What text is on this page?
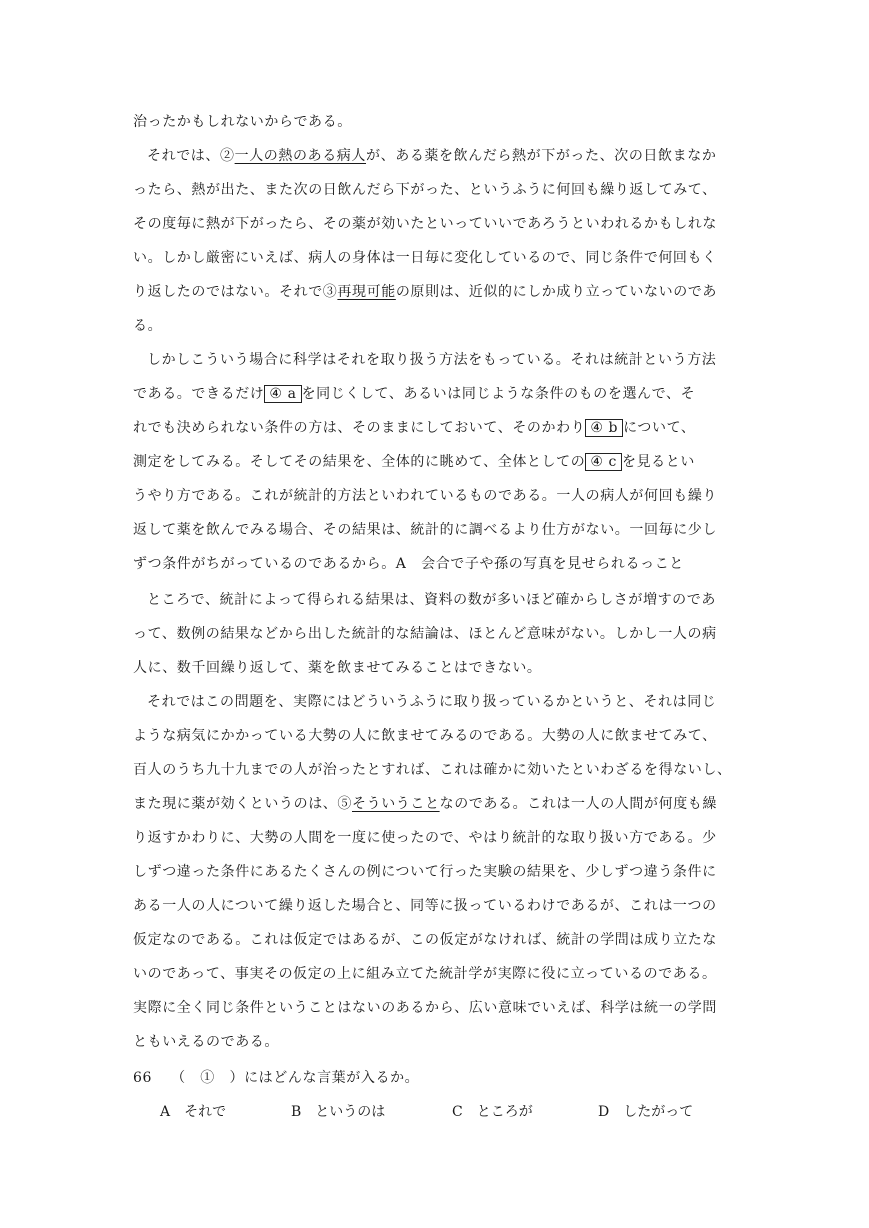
治ったかもしれないからである。
それでは、②一人の熱のある病人が、ある薬を飲んだら熱が下がった、次の日飲まなか
ったら、熱が出た、また次の日飲んだら下がった、というふうに何回も繰り返してみて、
その度毎に熱が下がったら、その薬が効いたといっていいであろうといわれるかもしれな
い。しかし厳密にいえば、病人の身体は一日毎に変化しているので、同じ条件で何回もく
り返したのではない。それで③再現可能の原則は、近似的にしか成り立っていないのであ
る。
しかしこういう場合に科学はそれを取り扱う方法をもっている。それは統計という方法
である。できるだけ ④ a を同じくして、あるいは同じような条件のものを選んで、そ
れでも決められない条件の方は、そのままにしておいて、そのかわり ④ b について、
測定をしてみる。そしてその結果を、全体的に眺めて、全体としての ④ c を見るとい
うやり方である。これが統計的方法といわれているものである。一人の病人が何回も繰り
返して薬を飲んでみる場合、その結果は、統計的に調べるより仕方がない。一回毎に少し
ずつ条件がちがっているのであるから。A　会合で子や孫の写真を見せられるっこと
ところで、統計によって得られる結果は、資料の数が多いほど確からしさが増すのであ
って、数例の結果などから出した統計的な結論は、ほとんど意味がない。しかし一人の病
人に、数千回繰り返して、薬を飲ませてみることはできない。
それではこの問題を、実際にはどういうふうに取り扱っているかというと、それは同じ
ような病気にかかっている大勢の人に飲ませてみるのである。大勢の人に飲ませてみて、
百人のうち九十九までの人が治ったとすれば、これは確かに効いたといわざるを得ないし、
また現に薬が効くというのは、⑤そういうことなのである。これは一人の人間が何度も繰
り返すかわりに、大勢の人間を一度に使ったので、やはり統計的な取り扱い方である。少
しずつ違った条件にあるたくさんの例について行った実験の結果を、少しずつ違う条件に
ある一人の人について繰り返した場合と、同等に扱っているわけであるが、これは一つの
仮定なのである。これは仮定ではあるが、この仮定がなければ、統計の学問は成り立たな
いのであって、事実その仮定の上に組み立てた統計学が実際に役に立っているのである。
実際に全く同じ条件ということはないのあるから、広い意味でいえば、科学は統一の学問
ともいえるのである。
66 （　①　）にはどんな言葉が入るか。
A　それで	B　というのは	C　ところが	D　したがって
